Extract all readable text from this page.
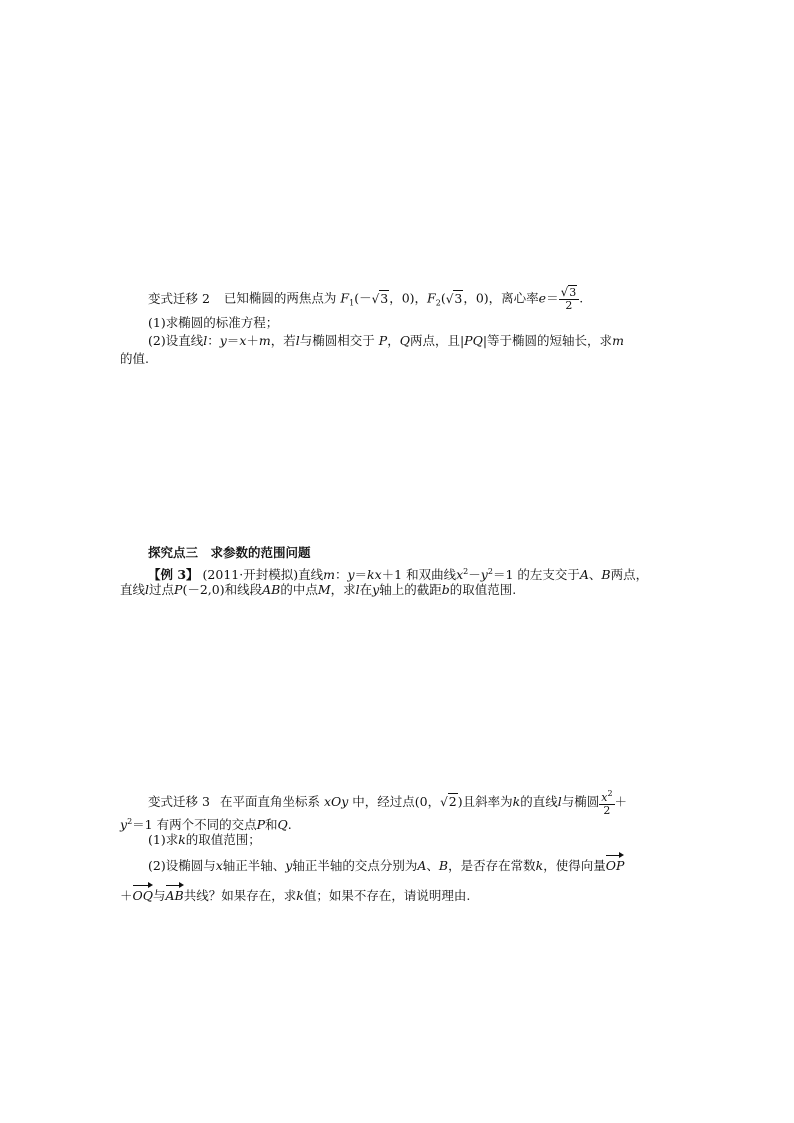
变式迁移 2 已知椭圆的两焦点为 $F_1(-√3$，0)，$F_2(√3$，0)，离心率$e= \frac{√3}{2}$ .
(1)求椭圆的标准方程；
(2)设直线l：y＝x＋m，若l与椭圆相交于 P，Q两点，且|PQ|等于椭圆的短轴长，求m
的值.
探究点三　求参数的范围问题
【例 3】 (2011·开封模拟)直线m：y＝kx＋1 和双曲线$x^2-y^2=1$ 的左支交于A、B两点，
直线l过点P(－2,0)和线段AB的中点M，求l在y轴上的截距b的取值范围.
变式迁移 3 在平面直角坐标系 xOy 中，经过点(0，√2)且斜率为k的直线l与椭圆 $\frac{x^2}{2}$ ＋
$y^2=1$ 有两个不同的交点P和Q.
(1)求k的取值范围；
(2)设椭圆与x轴正半轴、y轴正半轴的交点分别为A、B，是否存在常数k，使得向量OP
＋OQ与AB共线？如果存在，求k值；如果不存在，请说明理由.
